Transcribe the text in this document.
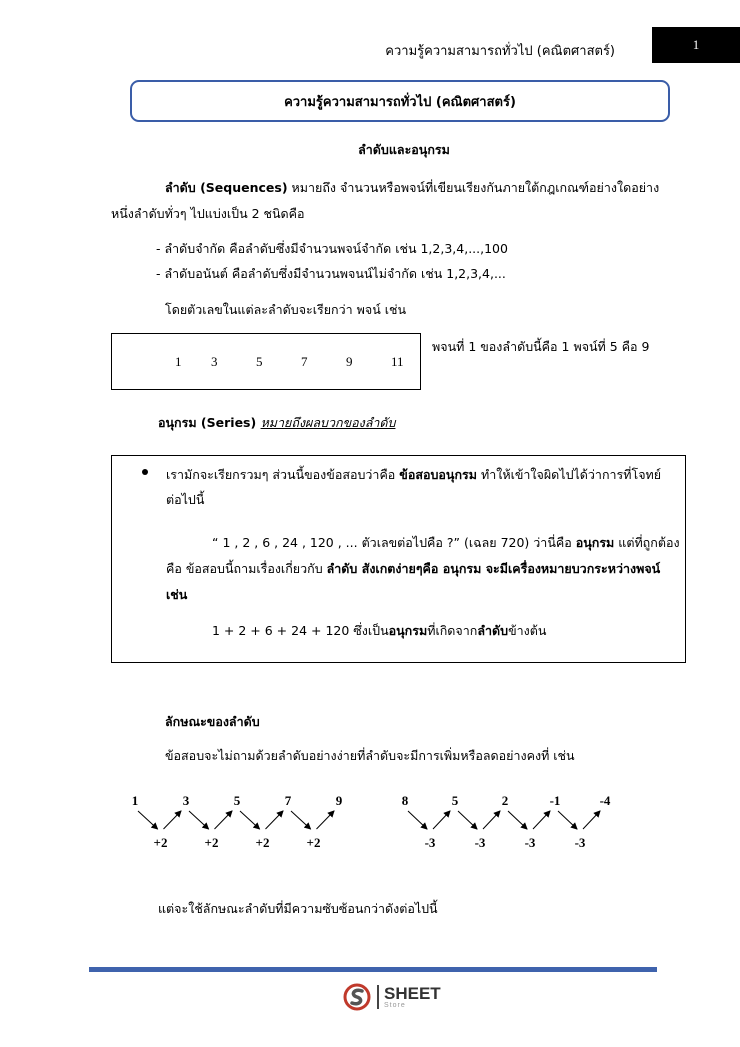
ความรู้ความสามารถทั่วไป (คณิตศาสตร์)	1
ความรู้ความสามารถทั่วไป (คณิตศาสตร์)
ลำดับและอนุกรม
ลำดับ (Sequences) หมายถึง จำนวนหรือพจน์ที่เขียนเรียงกันภายใต้กฎเกณฑ์อย่างใดอย่าง
หนึ่งลำดับทั่วๆ ไปแบ่งเป็น 2 ชนิดคือ
- ลำดับจำกัด คือลำดับซึ่งมีจำนวนพจน์จำกัด เช่น 1,2,3,4,...,100
- ลำดับอนันต์ คือลำดับซึ่งมีจำนวนพจนน์ไม่จำกัด เช่น 1,2,3,4,...
โดยตัวเลขในแต่ละลำดับจะเรียกว่า พจน์ เช่น
1 3	5	7	9	11
พจนที่ 1 ของลำดับนี้คือ 1 พจน์ที่ 5 คือ 9
อนุกรม (Series) หมายถึงผลบวกของลำดับ
เรามักจะเรียกรวมๆ ส่วนนี้ของข้อสอบว่าคือ ข้อสอบอนุกรม ทำให้เข้าใจผิดไปได้ว่าการที่โจทย์
ต่อไปนี้
“ 1 , 2 , 6 , 24 , 120 , ... ตัวเลขต่อไปคือ ?” (เฉลย 720) ว่านี่คือ อนุกรม แต่ที่ถูกต้อง
คือ ข้อสอบนี้ถามเรื่องเกี่ยวกับ ลำดับ สังเกตง่ายๆคือ อนุกรม จะมีเครื่องหมายบวกระหว่างพจน์
เช่น
1 + 2 + 6 + 24 + 120 ซึ่งเป็นอนุกรมที่เกิดจากลำดับข้างต้น
ลักษณะของลำดับ
ข้อสอบจะไม่ถามด้วยลำดับอย่างง่ายที่ลำดับจะมีการเพิ่มหรือลดอย่างคงที่ เช่น
1	3	5	7	9
+2	+2	+2	+2
8	5	2	-1	-4
-3	-3	-3	-3
แต่จะใช้ลักษณะลำดับที่มีความซับซ้อนกว่าดังต่อไปนี้
SHEET
Store
